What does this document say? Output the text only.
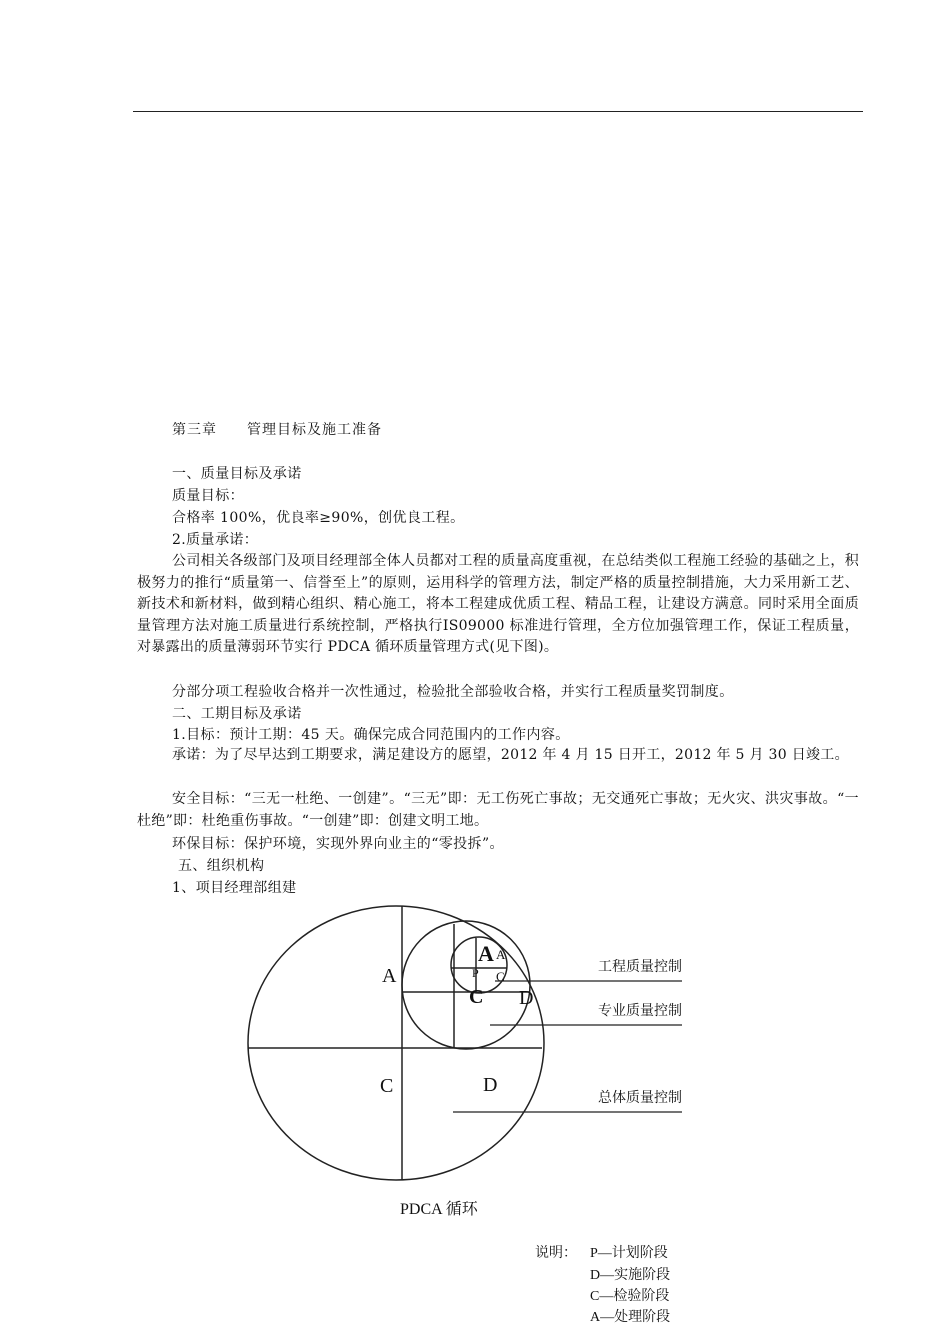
第三章　　管理目标及施工准备
一、质量目标及承诺
质量目标：
合格率 100%，优良率≥90%，创优良工程。
2.质量承诺：
公司相关各级部门及项目经理部全体人员都对工程的质量高度重视，在总结类似工程施工经验的基础之上，积极努力的推行“质量第一、信誉至上”的原则，运用科学的管理方法，制定严格的质量控制措施，大力采用新工艺、新技术和新材料，做到精心组织、精心施工，将本工程建成优质工程、精品工程，让建设方满意。同时采用全面质量管理方法对施工质量进行系统控制，严格执行IS09000 标准进行管理，全方位加强管理工作，保证工程质量，对暴露出的质量薄弱环节实行 PDCA 循环质量管理方式(见下图)。
分部分项工程验收合格并一次性通过，检验批全部验收合格，并实行工程质量奖罚制度。
二、工期目标及承诺
1.目标：预计工期：45 天。确保完成合同范围内的工作内容。
承诺：为了尽早达到工期要求，满足建设方的愿望，2012 年 4 月 15 日开工，2012 年 5 月 30 日竣工。
安全目标：“三无一杜绝、一创建”。“三无”即：无工伤死亡事故；无交通死亡事故；无火灾、洪灾事故。“一杜绝”即：杜绝重伤事故。“一创建”即：创建文明工地。
环保目标：保护环境，实现外界向业主的“零投拆”。
五、组织机构
1、项目经理部组建
A
C	D
A
C D
A
P C
工程质量控制
专业质量控制
总体质量控制
PDCA 循环
说明： P—计划阶段
D—实施阶段
C—检验阶段
A—处理阶段
